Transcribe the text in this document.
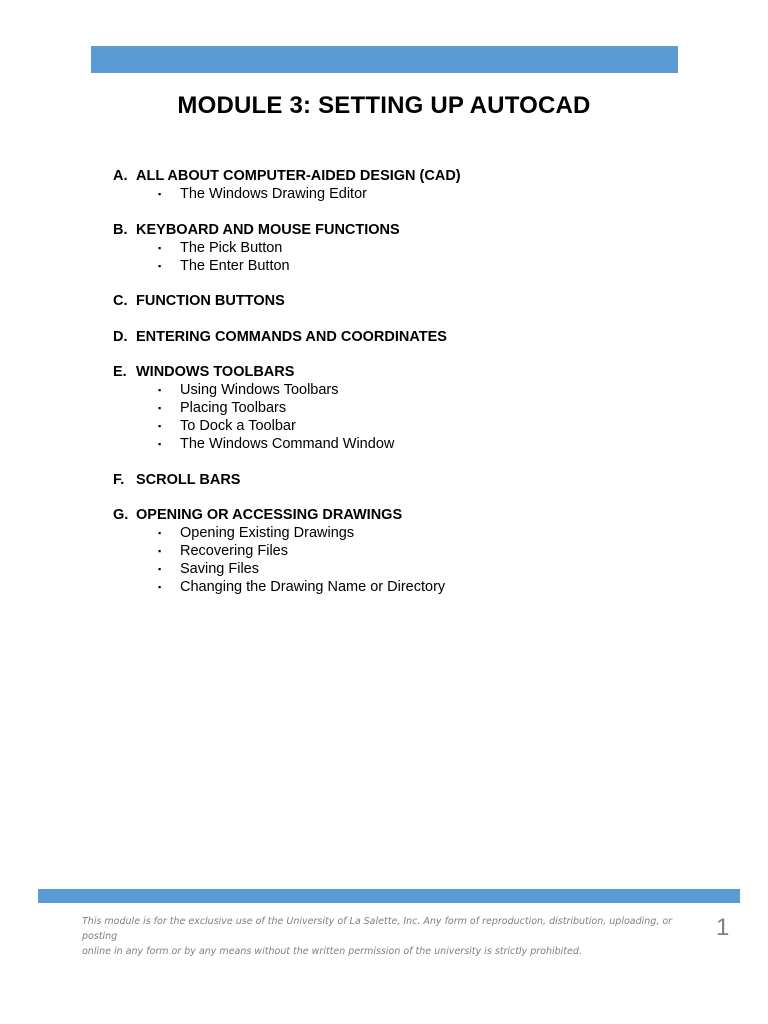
MODULE 3: SETTING UP AUTOCAD
A. ALL ABOUT COMPUTER-AIDED DESIGN (CAD)
▪	The Windows Drawing Editor
B. KEYBOARD AND MOUSE FUNCTIONS
▪	The Pick Button
▪	The Enter Button
C. FUNCTION BUTTONS
D. ENTERING COMMANDS AND COORDINATES
E. WINDOWS TOOLBARS
▪	Using Windows Toolbars
▪	Placing Toolbars
▪	To Dock a Toolbar
▪	The Windows Command Window
F. SCROLL BARS
G. OPENING OR ACCESSING DRAWINGS
▪	Opening Existing Drawings
▪	Recovering Files
▪	Saving Files
▪	Changing the Drawing Name or Directory

This module is for the exclusive use of the University of La Salette, Inc. Any form of reproduction, distribution, uploading, or posting
online in any form or by any means without the written permission of the university is strictly prohibited.

1
